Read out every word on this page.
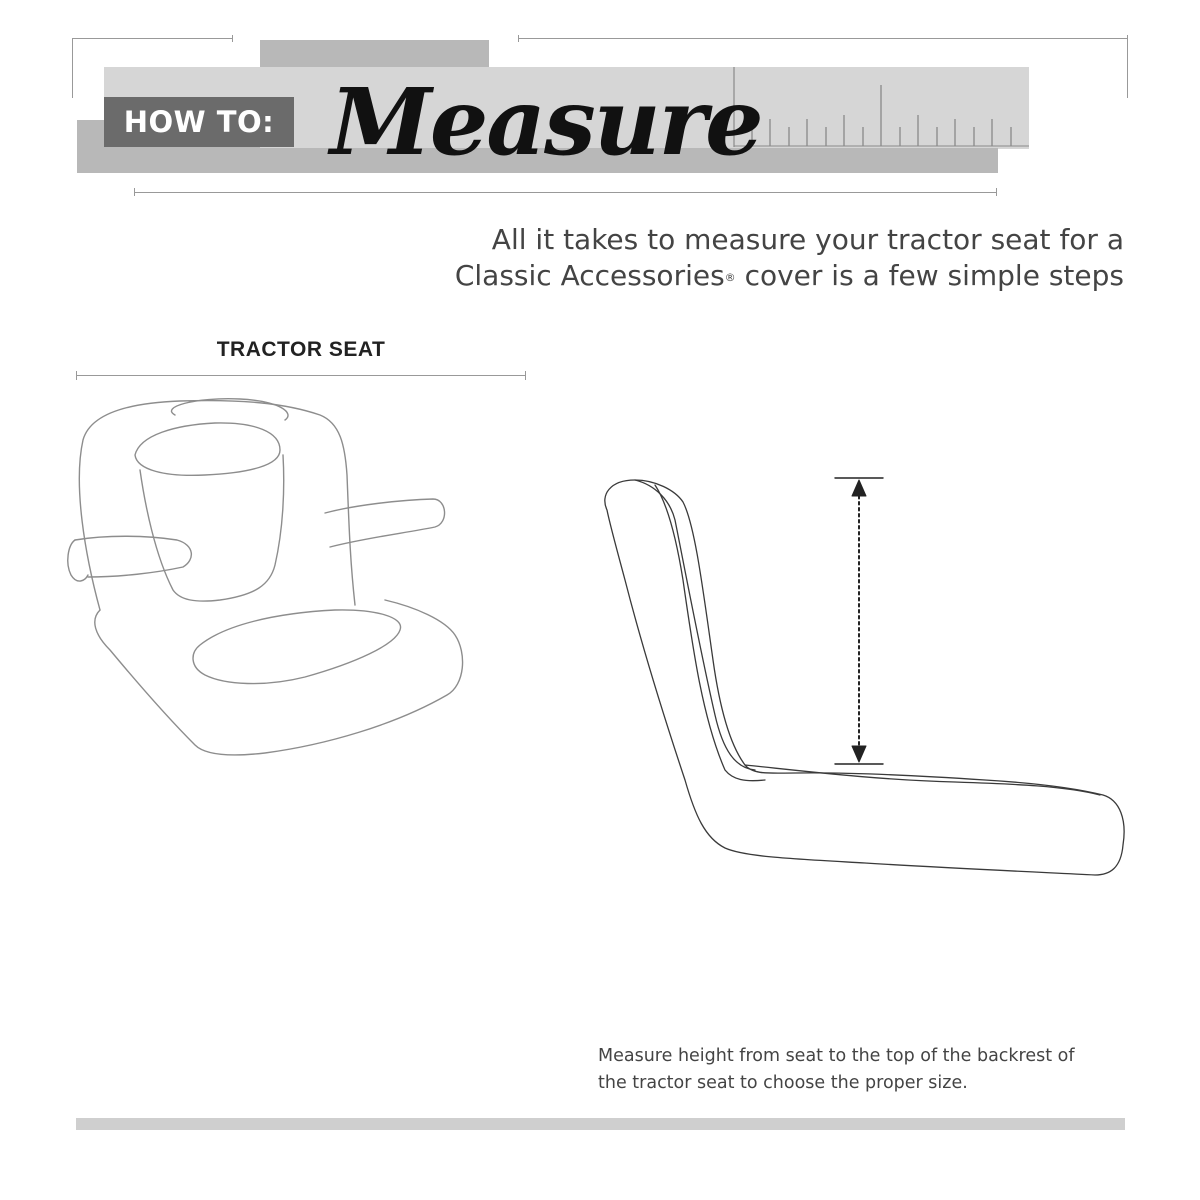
HOW TO: Measure
All it takes to measure your tractor seat for a
Classic Accessories® cover is a few simple steps
TRACTOR SEAT
Measure height from seat to the top of the backrest of
the tractor seat to choose the proper size.
